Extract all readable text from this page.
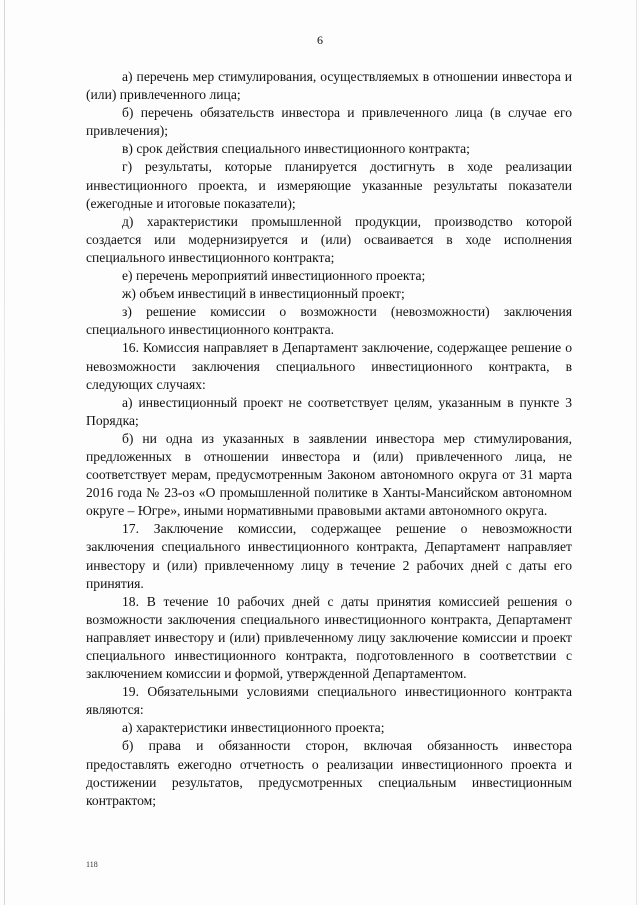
6

а) перечень мер стимулирования, осуществляемых в отношении инвестора и (или) привлеченного лица;

б) перечень обязательств инвестора и привлеченного лица (в случае его привлечения);

в) срок действия специального инвестиционного контракта;

г) результаты, которые планируется достигнуть в ходе реализации инвестиционного проекта, и измеряющие указанные результаты показатели (ежегодные и итоговые показатели);

д) характеристики промышленной продукции, производство которой создается или модернизируется и (или) осваивается в ходе исполнения специального инвестиционного контракта;

е) перечень мероприятий инвестиционного проекта;

ж) объем инвестиций в инвестиционный проект;

з) решение комиссии о возможности (невозможности) заключения специального инвестиционного контракта.

16. Комиссия направляет в Департамент заключение, содержащее решение о невозможности заключения специального инвестиционного контракта, в следующих случаях:

а) инвестиционный проект не соответствует целям, указанным в пункте 3 Порядка;

б) ни одна из указанных в заявлении инвестора мер стимулирования, предложенных в отношении инвестора и (или) привлеченного лица, не соответствует мерам, предусмотренным Законом автономного округа от 31 марта 2016 года № 23-оз «О промышленной политике в Ханты-Мансийском автономном округе – Югре», иными нормативными правовыми актами автономного округа.

17. Заключение комиссии, содержащее решение о невозможности заключения специального инвестиционного контракта, Департамент направляет инвестору и (или) привлеченному лицу в течение 2 рабочих дней с даты его принятия.

18. В течение 10 рабочих дней с даты принятия комиссией решения о возможности заключения специального инвестиционного контракта, Департамент направляет инвестору и (или) привлеченному лицу заключение комиссии и проект специального инвестиционного контракта, подготовленного в соответствии с заключением комиссии и формой, утвержденной Департаментом.

19. Обязательными условиями специального инвестиционного контракта являются:

а) характеристики инвестиционного проекта;

б) права и обязанности сторон, включая обязанность инвестора предоставлять ежегодно отчетность о реализации инвестиционного проекта и достижении результатов, предусмотренных специальным инвестиционным контрактом;

118
